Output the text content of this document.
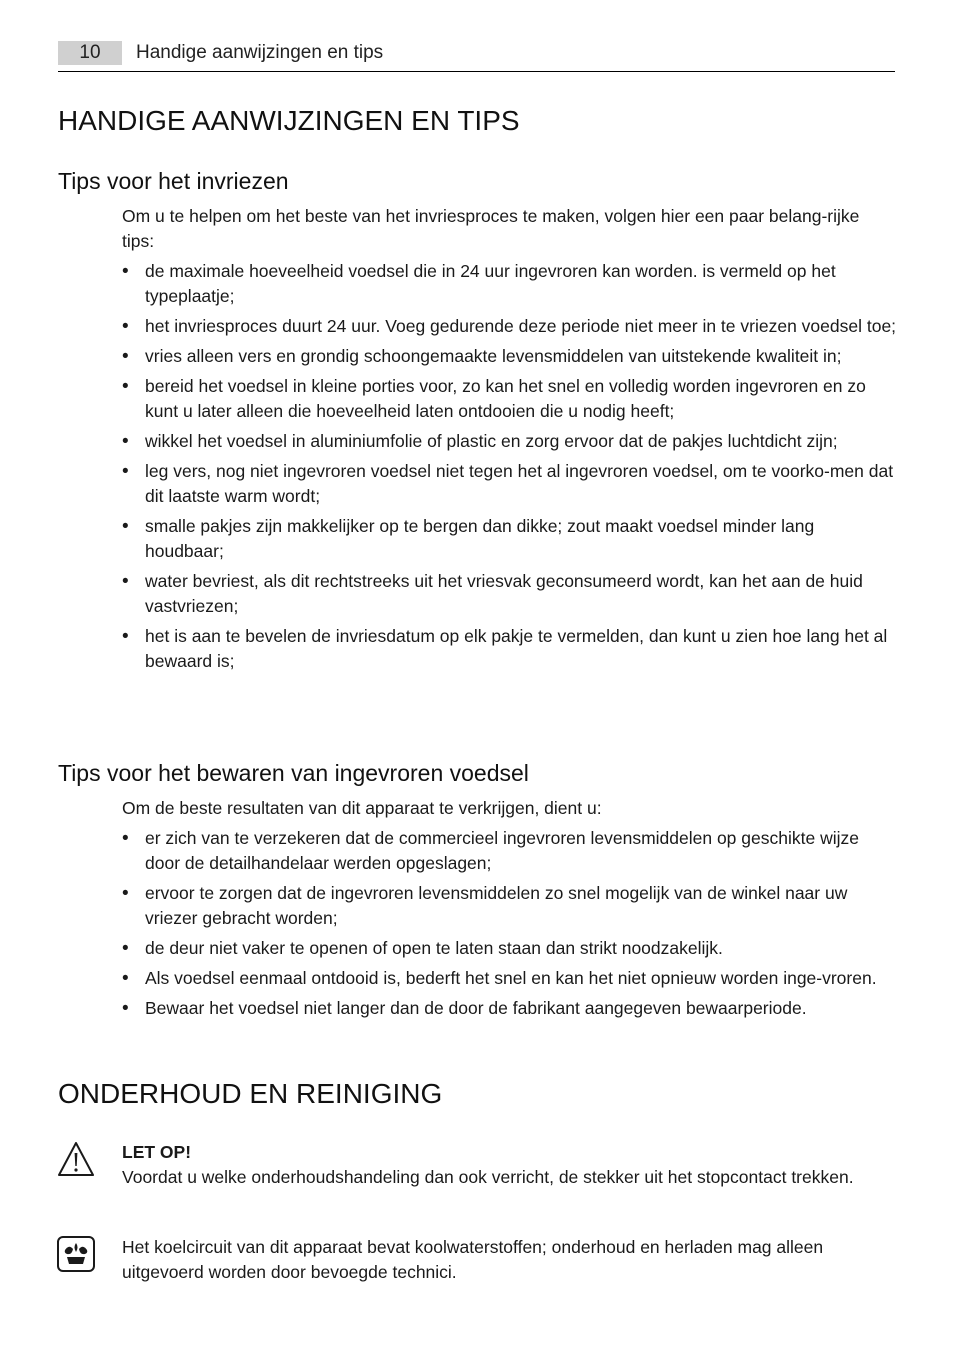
10	Handige aanwijzingen en tips
HANDIGE AANWIJZINGEN EN TIPS
Tips voor het invriezen

Om u te helpen om het beste van het invriesproces te maken, volgen hier een paar belang-rijke tips:

• de maximale hoeveelheid voedsel die in 24 uur ingevroren kan worden. is vermeld op het typeplaatje;
• het invriesproces duurt 24 uur. Voeg gedurende deze periode niet meer in te vriezen voedsel toe;
• vries alleen vers en grondig schoongemaakte levensmiddelen van uitstekende kwaliteit in;
• bereid het voedsel in kleine porties voor, zo kan het snel en volledig worden ingevroren en zo kunt u later alleen die hoeveelheid laten ontdooien die u nodig heeft;
• wikkel het voedsel in aluminiumfolie of plastic en zorg ervoor dat de pakjes luchtdicht zijn;
• leg vers, nog niet ingevroren voedsel niet tegen het al ingevroren voedsel, om te voorko-men dat dit laatste warm wordt;
• smalle pakjes zijn makkelijker op te bergen dan dikke; zout maakt voedsel minder lang houdbaar;
• water bevriest, als dit rechtstreeks uit het vriesvak geconsumeerd wordt, kan het aan de huid vastvriezen;
• het is aan te bevelen de invriesdatum op elk pakje te vermelden, dan kunt u zien hoe lang het al bewaard is;
Tips voor het bewaren van ingevroren voedsel

Om de beste resultaten van dit apparaat te verkrijgen, dient u:

• er zich van te verzekeren dat de commercieel ingevroren levensmiddelen op geschikte wijze door de detailhandelaar werden opgeslagen;
• ervoor te zorgen dat de ingevroren levensmiddelen zo snel mogelijk van de winkel naar uw vriezer gebracht worden;
• de deur niet vaker te openen of open te laten staan dan strikt noodzakelijk.
• Als voedsel eenmaal ontdooid is, bederft het snel en kan het niet opnieuw worden inge-vroren.
• Bewaar het voedsel niet langer dan de door de fabrikant aangegeven bewaarperiode.
ONDERHOUD EN REINIGING

LET OP!

Voordat u welke onderhoudshandeling dan ook verricht, de stekker uit het stopcontact trekken.

Het koelcircuit van dit apparaat bevat koolwaterstoffen; onderhoud en herladen mag alleen uitgevoerd worden door bevoegde technici.
